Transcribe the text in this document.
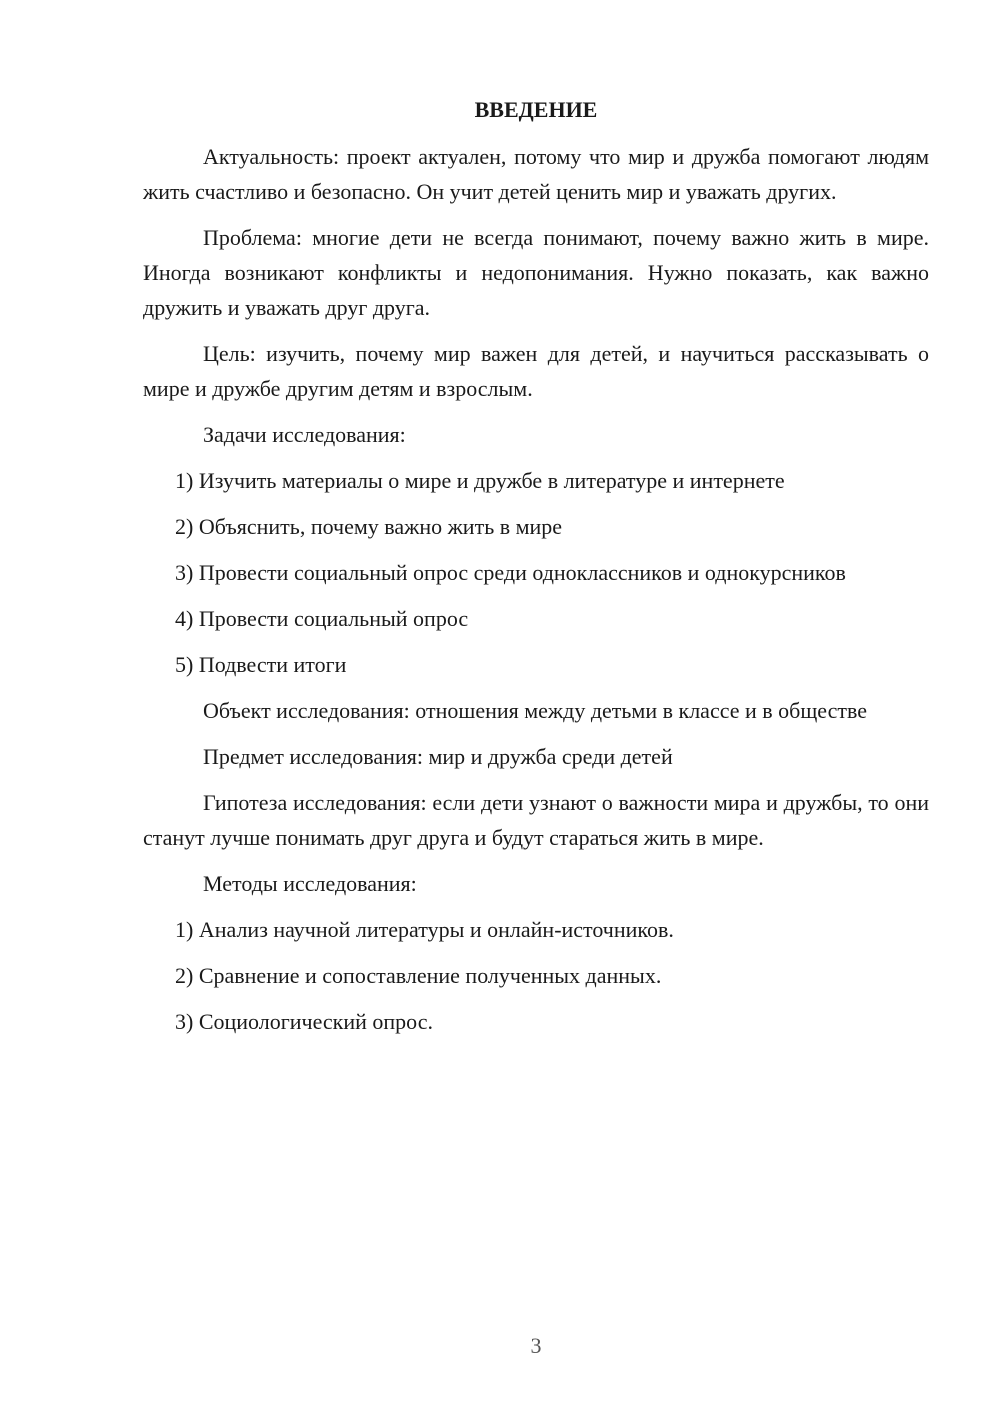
ВВЕДЕНИЕ

Актуальность: проект актуален, потому что мир и дружба помогают людям жить счастливо и безопасно. Он учит детей ценить мир и уважать других.

Проблема: многие дети не всегда понимают, почему важно жить в мире. Иногда возникают конфликты и недопонимания. Нужно показать, как важно дружить и уважать друг друга.

Цель: изучить, почему мир важен для детей, и научиться рассказывать о мире и дружбе другим детям и взрослым.

Задачи исследования:

1) Изучить материалы о мире и дружбе в литературе и интернете

2) Объяснить, почему важно жить в мире

3) Провести социальный опрос среди одноклассников и однокурсников

4) Провести социальный опрос

5) Подвести итоги

Объект исследования: отношения между детьми в классе и в обществе

Предмет исследования: мир и дружба среди детей

Гипотеза исследования: если дети узнают о важности мира и дружбы, то они станут лучше понимать друг друга и будут стараться жить в мире.

Методы исследования:

1) Анализ научной литературы и онлайн-источников.

2) Сравнение и сопоставление полученных данных.

3) Социологический опрос.

3
